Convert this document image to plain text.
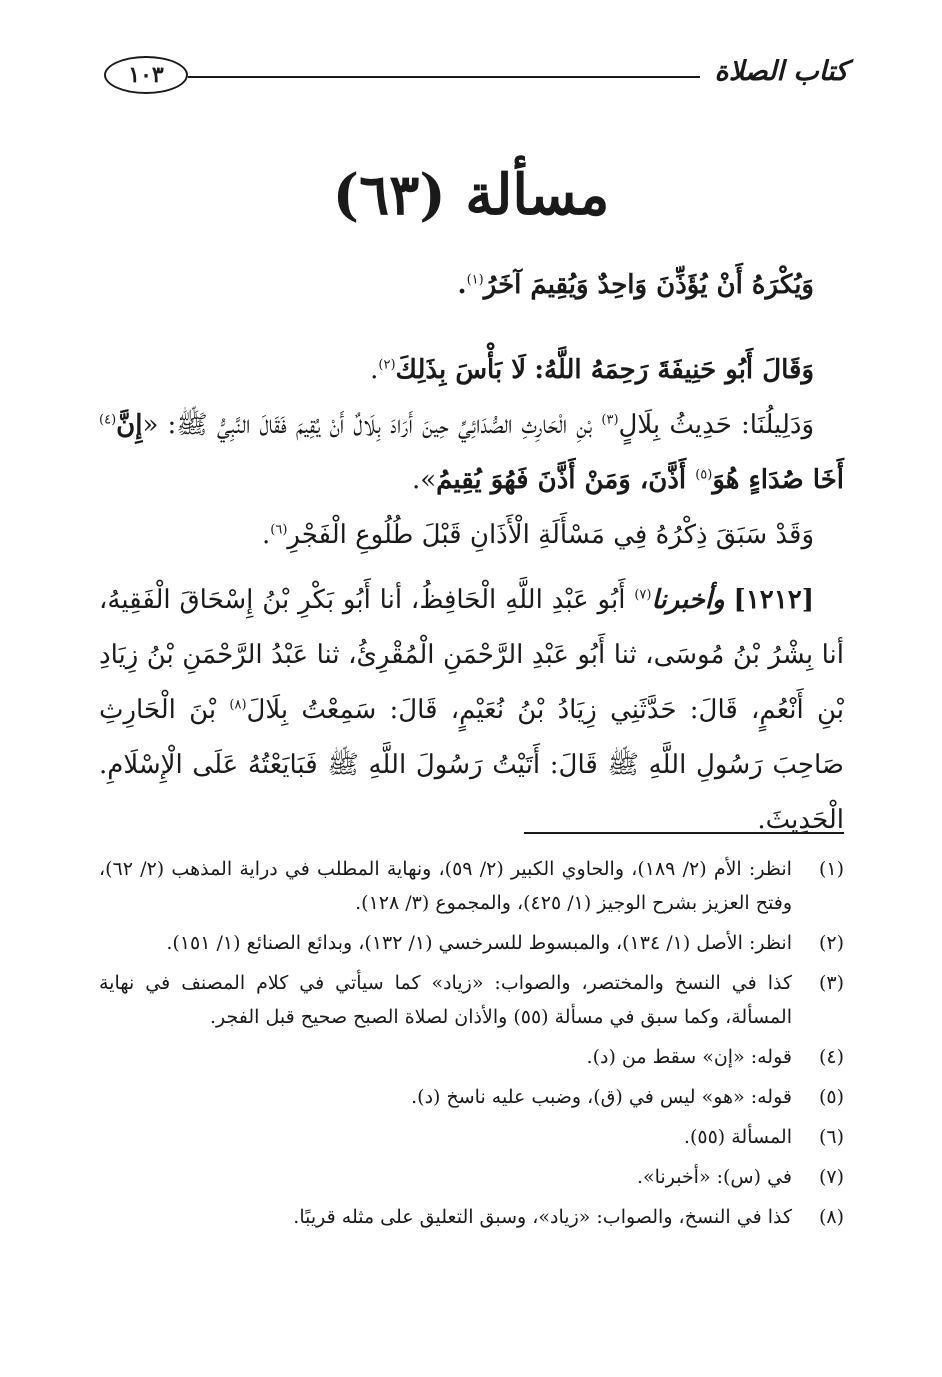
كتاب الصلاة
١٠٣
مسألة (٦٣)

وَيُكْرَهُ أَنْ يُؤَذِّنَ وَاحِدٌ وَيُقِيمَ آخَرُ$^{(١)}$.

وَقَالَ أَبُو حَنِيفَةَ رَحِمَهُ اللَّهُ: لَا بَأْسَ بِذَلِكَ$^{(٢)}$.

وَدَلِيلُنَا: حَدِيثُ بِلَالٍ$^{(٣)}$ بْنِ الْحَارِثِ الصُّدَائِيِّ حِينَ أَرَادَ بِلَالٌ أَنْ يُقِيمَ فَقَالَ النَّبِيُّ ﷺ: «إِنَّ$^{(٤)}$ أَخَا صُدَاءٍ هُوَ$^{(٥)}$ أَذَّنَ، وَمَنْ أَذَّنَ فَهُوَ يُقِيمُ».

وَقَدْ سَبَقَ ذِكْرُهُ فِي مَسْأَلَةِ الْأَذَانِ قَبْلَ طُلُوعِ الْفَجْرِ$^{(٦)}$.

[١٢١٢] وأخبرنا$^{(٧)}$ أَبُو عَبْدِ اللَّهِ الْحَافِظُ، أنا أَبُو بَكْرِ بْنُ إِسْحَاقَ الْفَقِيهُ، أنا بِشْرُ بْنُ مُوسَى، ثنا أَبُو عَبْدِ الرَّحْمَنِ الْمُقْرِئُ، ثنا عَبْدُ الرَّحْمَنِ بْنُ زِيَادِ بْنِ أَنْعُمٍ، قَالَ: حَدَّثَنِي زِيَادُ بْنُ نُعَيْمٍ، قَالَ: سَمِعْتُ بِلَالَ$^{(٨)}$ بْنَ الْحَارِثِ صَاحِبَ رَسُولِ اللَّهِ ﷺ قَالَ: أَتَيْتُ رَسُولَ اللَّهِ ﷺ فَبَايَعْتُهُ عَلَى الْإِسْلَامِ. الْحَدِيثَ.

(١)
انظر: الأم (٢/ ١٨٩)، والحاوي الكبير (٢/ ٥٩)، ونهاية المطلب في دراية المذهب (٢/ ٦٢)، وفتح العزيز بشرح الوجيز (١/ ٤٢٥)، والمجموع (٣/ ١٢٨).
(٢)
انظر: الأصل (١/ ١٣٤)، والمبسوط للسرخسي (١/ ١٣٢)، وبدائع الصنائع (١/ ١٥١).
(٣)
كذا في النسخ والمختصر، والصواب: «زياد» كما سيأتي في كلام المصنف في نهاية المسألة، وكما سبق في مسألة (٥٥) والأذان لصلاة الصبح صحيح قبل الفجر.
(٤)
قوله: «إن» سقط من (د).
(٥)
قوله: «هو» ليس في (ق)، وضبب عليه ناسخ (د).
(٦)
المسألة (٥٥).
(٧)
في (س): «أخبرنا».
(٨)
كذا في النسخ، والصواب: «زياد»، وسبق التعليق على مثله قريبًا.
